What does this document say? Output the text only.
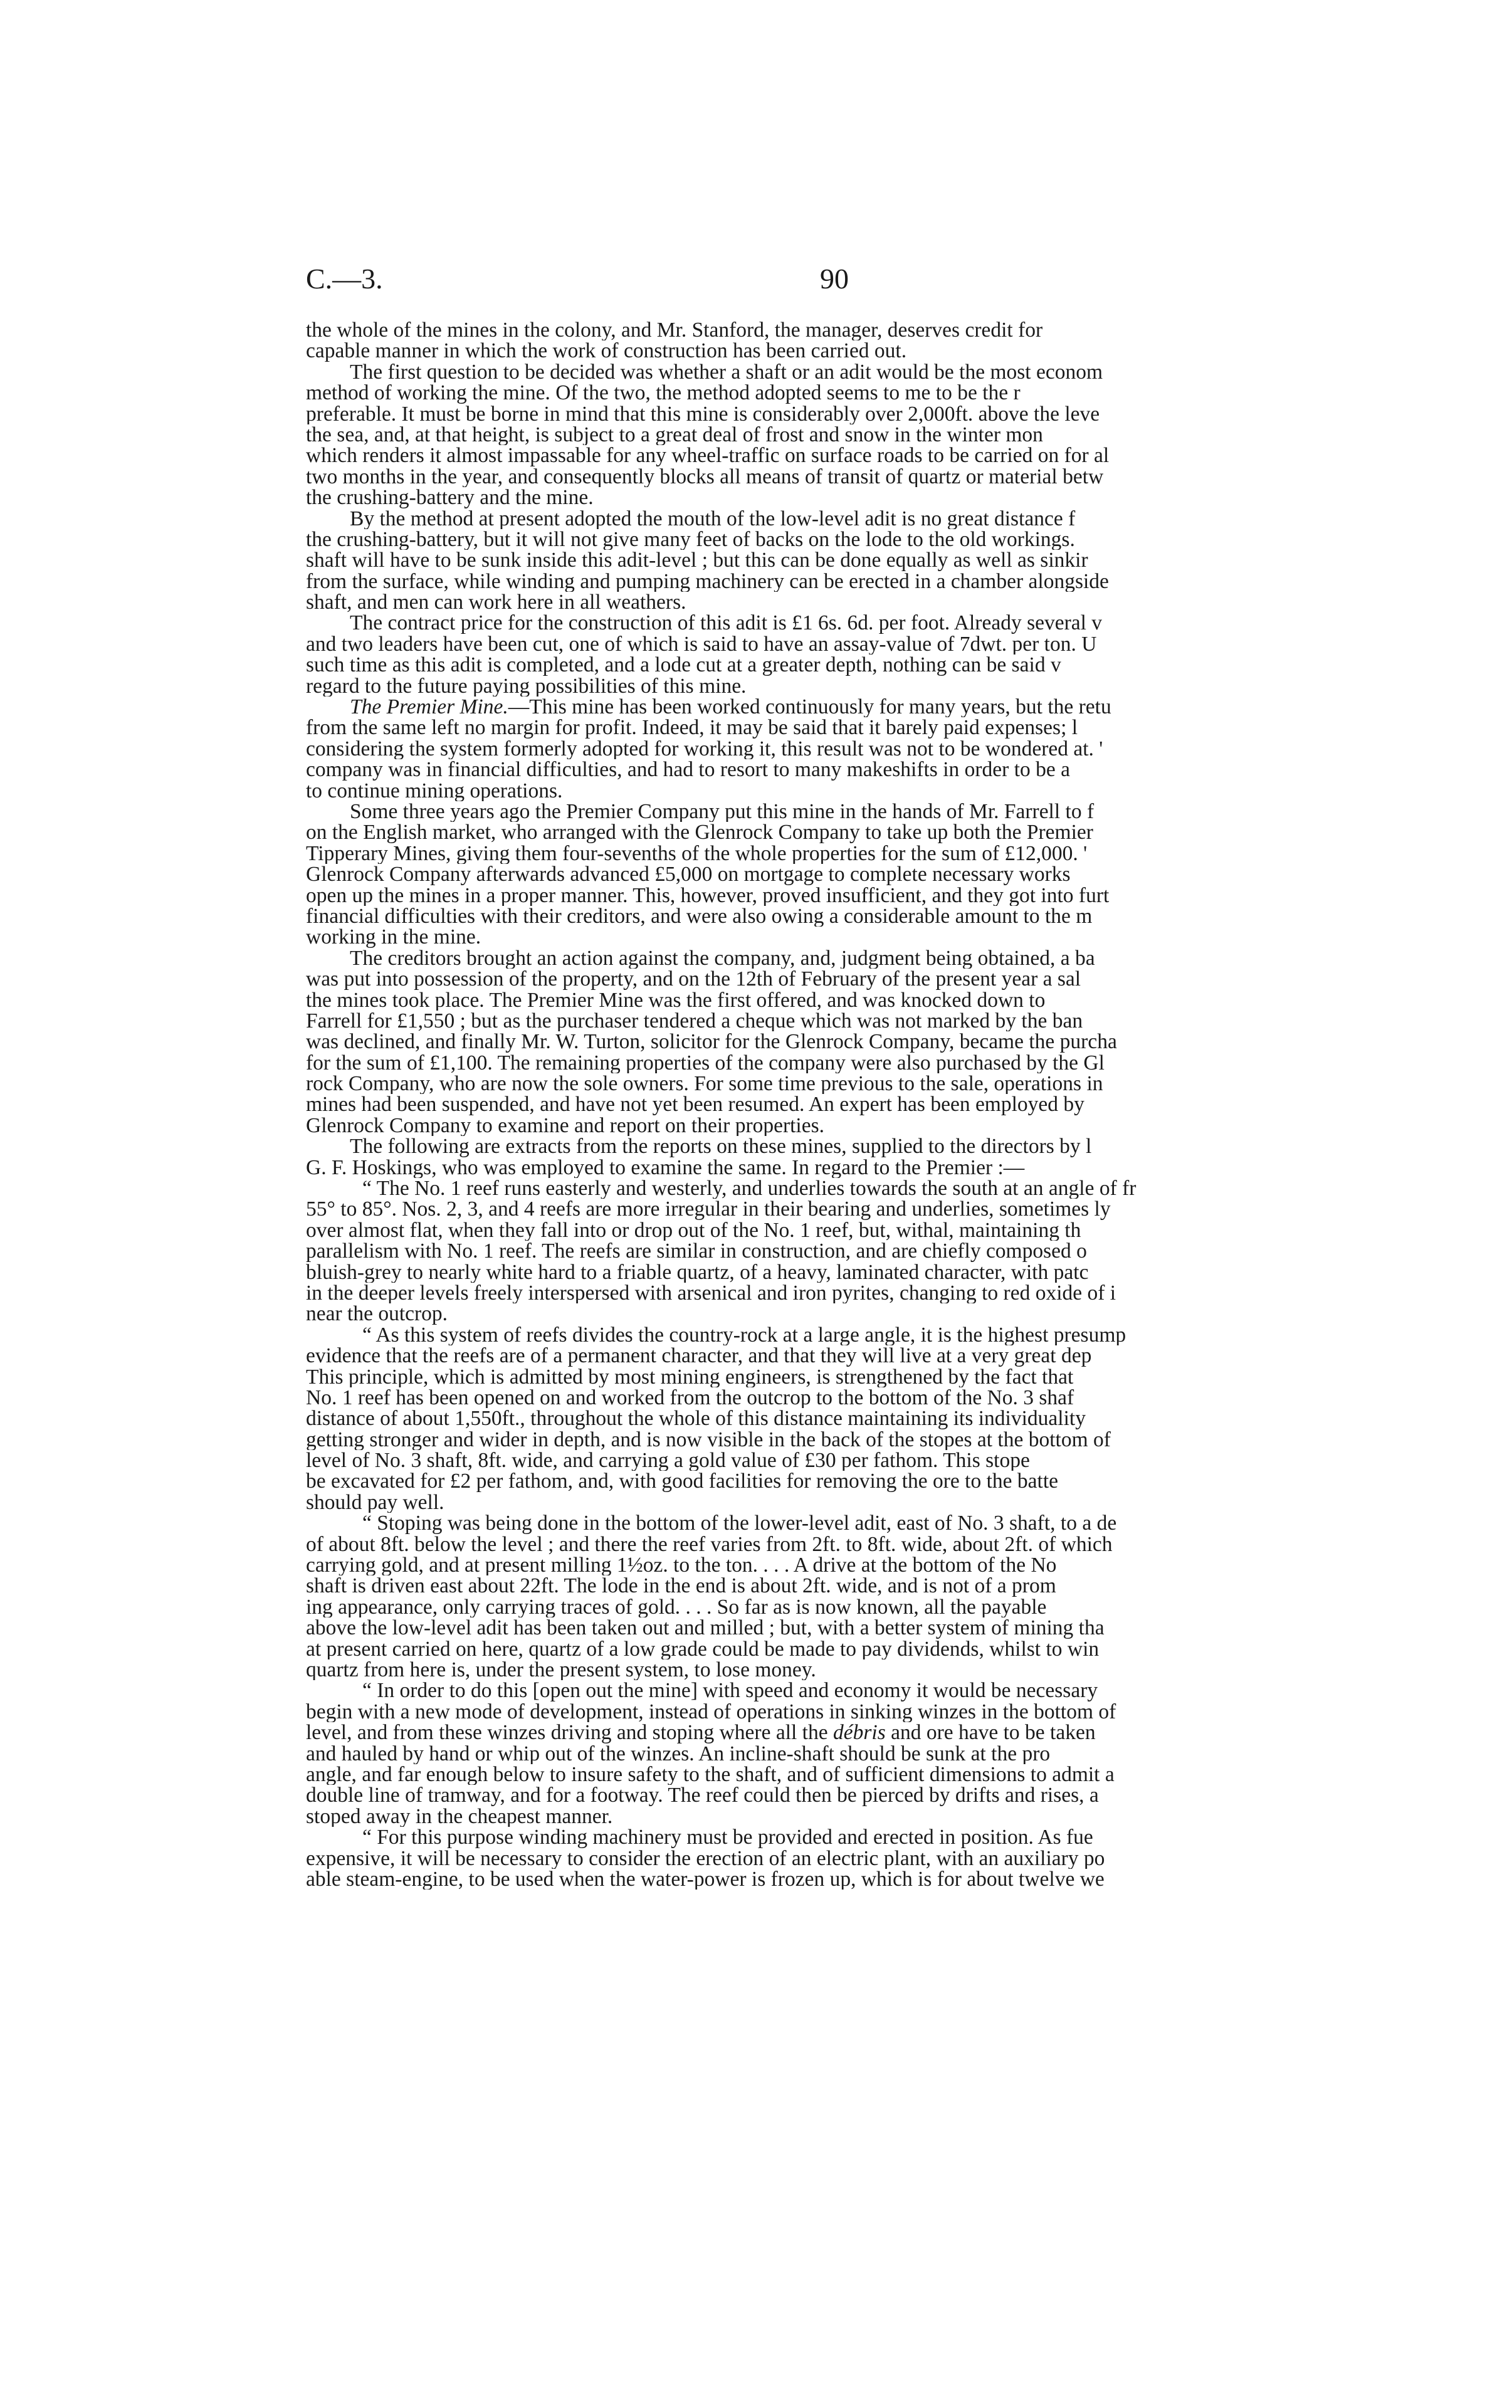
C.—3.	90
the whole of the mines in the colony, and Mr. Stanford, the manager, deserves credit for
capable manner in which the work of construction has been carried out.
The first question to be decided was whether a shaft or an adit would be the most econom
method of working the mine. Of the two, the method adopted seems to me to be the r
preferable. It must be borne in mind that this mine is considerably over 2,000ft. above the leve
the sea, and, at that height, is subject to a great deal of frost and snow in the winter mon
which renders it almost impassable for any wheel-traffic on surface roads to be carried on for al
two months in the year, and consequently blocks all means of transit of quartz or material betw
the crushing-battery and the mine.
By the method at present adopted the mouth of the low-level adit is no great distance f
the crushing-battery, but it will not give many feet of backs on the lode to the old workings.
shaft will have to be sunk inside this adit-level ; but this can be done equally as well as sinkir
from the surface, while winding and pumping machinery can be erected in a chamber alongside
shaft, and men can work here in all weathers.
The contract price for the construction of this adit is £1 6s. 6d. per foot. Already several v
and two leaders have been cut, one of which is said to have an assay-value of 7dwt. per ton. U
such time as this adit is completed, and a lode cut at a greater depth, nothing can be said v
regard to the future paying possibilities of this mine.
The Premier Mine.—This mine has been worked continuously for many years, but the retu
from the same left no margin for profit. Indeed, it may be said that it barely paid expenses; l
considering the system formerly adopted for working it, this result was not to be wondered at. '
company was in financial difficulties, and had to resort to many makeshifts in order to be a
to continue mining operations.
Some three years ago the Premier Company put this mine in the hands of Mr. Farrell to f
on the English market, who arranged with the Glenrock Company to take up both the Premier
Tipperary Mines, giving them four-sevenths of the whole properties for the sum of £12,000. '
Glenrock Company afterwards advanced £5,000 on mortgage to complete necessary works
open up the mines in a proper manner. This, however, proved insufficient, and they got into furt
financial difficulties with their creditors, and were also owing a considerable amount to the m
working in the mine.
The creditors brought an action against the company, and, judgment being obtained, a ba
was put into possession of the property, and on the 12th of February of the present year a sal
the mines took place. The Premier Mine was the first offered, and was knocked down to
Farrell for £1,550 ; but as the purchaser tendered a cheque which was not marked by the ban
was declined, and finally Mr. W. Turton, solicitor for the Glenrock Company, became the purcha
for the sum of £1,100. The remaining properties of the company were also purchased by the Gl
rock Company, who are now the sole owners. For some time previous to the sale, operations in
mines had been suspended, and have not yet been resumed. An expert has been employed by
Glenrock Company to examine and report on their properties.
The following are extracts from the reports on these mines, supplied to the directors by l
G. F. Hoskings, who was employed to examine the same. In regard to the Premier :—
“ The No. 1 reef runs easterly and westerly, and underlies towards the south at an angle of fr
55° to 85°. Nos. 2, 3, and 4 reefs are more irregular in their bearing and underlies, sometimes ly
over almost flat, when they fall into or drop out of the No. 1 reef, but, withal, maintaining th
parallelism with No. 1 reef. The reefs are similar in construction, and are chiefly composed o
bluish-grey to nearly white hard to a friable quartz, of a heavy, laminated character, with patc
in the deeper levels freely interspersed with arsenical and iron pyrites, changing to red oxide of i
near the outcrop.
“ As this system of reefs divides the country-rock at a large angle, it is the highest presump
evidence that the reefs are of a permanent character, and that they will live at a very great dep
This principle, which is admitted by most mining engineers, is strengthened by the fact that
No. 1 reef has been opened on and worked from the outcrop to the bottom of the No. 3 shaf
distance of about 1,550ft., throughout the whole of this distance maintaining its individuality
getting stronger and wider in depth, and is now visible in the back of the stopes at the bottom of
level of No. 3 shaft, 8ft. wide, and carrying a gold value of £30 per fathom. This stope
be excavated for £2 per fathom, and, with good facilities for removing the ore to the batte
should pay well.
“ Stoping was being done in the bottom of the lower-level adit, east of No. 3 shaft, to a de
of about 8ft. below the level ; and there the reef varies from 2ft. to 8ft. wide, about 2ft. of which
carrying gold, and at present milling 1½oz. to the ton. . . . A drive at the bottom of the No
shaft is driven east about 22ft. The lode in the end is about 2ft. wide, and is not of a prom
ing appearance, only carrying traces of gold. . . . So far as is now known, all the payable
above the low-level adit has been taken out and milled ; but, with a better system of mining tha
at present carried on here, quartz of a low grade could be made to pay dividends, whilst to win
quartz from here is, under the present system, to lose money.
“ In order to do this [open out the mine] with speed and economy it would be necessary
begin with a new mode of development, instead of operations in sinking winzes in the bottom of
level, and from these winzes driving and stoping where all the débris and ore have to be taken
and hauled by hand or whip out of the winzes. An incline-shaft should be sunk at the pro
angle, and far enough below to insure safety to the shaft, and of sufficient dimensions to admit a
double line of tramway, and for a footway. The reef could then be pierced by drifts and rises, a
stoped away in the cheapest manner.
“ For this purpose winding machinery must be provided and erected in position. As fue
expensive, it will be necessary to consider the erection of an electric plant, with an auxiliary po
able steam-engine, to be used when the water-power is frozen up, which is for about twelve we
